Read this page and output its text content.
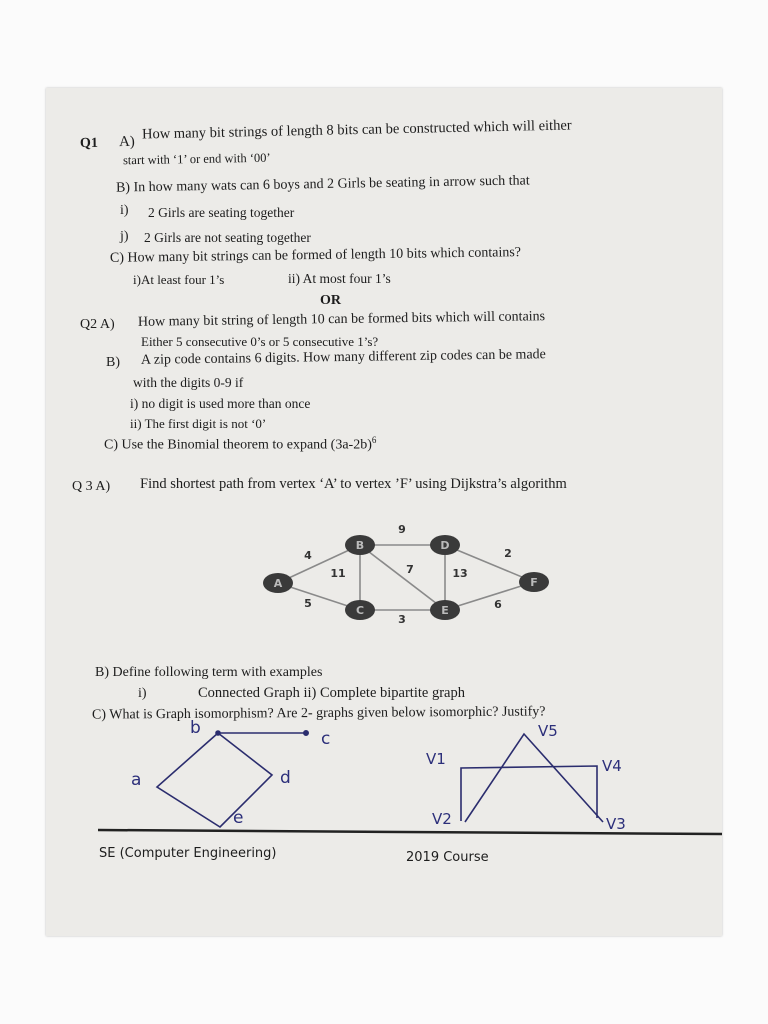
Q1 A) How many bit strings of length 8 bits can be constructed which will either
start with ‘1’ or end with ‘00’
B) In how many wats can 6 boys and 2 Girls be seating in arrow such that
i) 2 Girls are seating together
j) 2 Girls are not seating together
C) How many bit strings can be formed of length 10 bits which contains?
i)At least four 1’s	ii) At most four 1’s
OR
Q2 A) How many bit string of length 10 can be formed bits which will contains
Either 5 consecutive 0’s or 5 consecutive 1’s?
B) A zip code contains 6 digits. How many different zip codes can be made
with the digits 0-9 if
i) no digit is used more than once
ii) The first digit is not ‘0’
C) Use the Binomial theorem to expand $(3a-2b)^6$
Q 3 A) Find shortest path from vertex ‘A’ to vertex ’F’ using Dijkstra’s algorithm
4
5
11
9
7
3
13
2
6
A
B
C
D
E
F
B) Define following term with examples
i)	Connected Graph ii) Complete bipartite graph
C) What is Graph isomorphism? Are 2- graphs given below isomorphic? Justify?
b
c
a	d
e
V5
V1	V4
V2	V3
SE (Computer Engineering)	2019 Course
